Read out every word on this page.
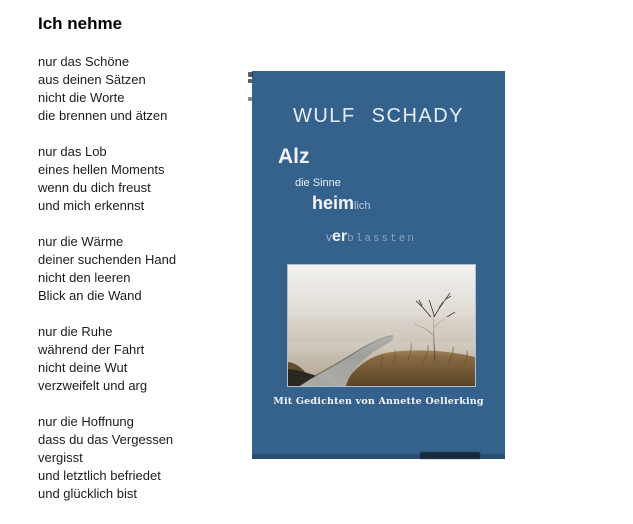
Ich nehme

nur das Schöne
aus deinen Sätzen
nicht die Worte
die brennen und ätzen

nur das Lob
eines hellen Moments
wenn du dich freust
und mich erkennst

nur die Wärme
deiner suchenden Hand
nicht den leeren
Blick an die Wand

nur die Ruhe
während der Fahrt
nicht deine Wut
verzweifelt und arg

nur die Hoffnung
dass du das Vergessen
vergisst
und letztlich befriedet
und glücklich bist

WULF SCHADY
Alz
die Sinne
heimlich
verblassten
Mit Gedichten von Annette Oellerking
